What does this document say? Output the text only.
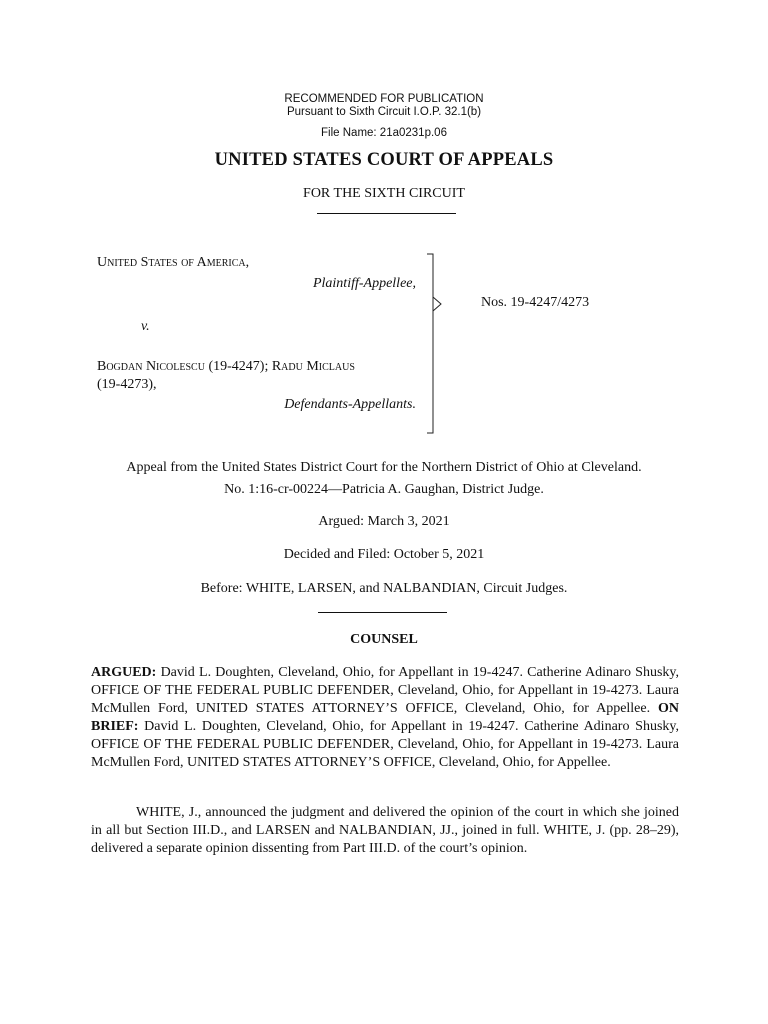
RECOMMENDED FOR PUBLICATION
Pursuant to Sixth Circuit I.O.P. 32.1(b)
File Name: 21a0231p.06
UNITED STATES COURT OF APPEALS
FOR THE SIXTH CIRCUIT
United States of America,
Plaintiff-Appellee,
v.
Bogdan Nicolescu (19-4247); Radu Miclaus
(19-4273),
Defendants-Appellants.
Nos. 19-4247/4273
Appeal from the United States District Court for the Northern District of Ohio at Cleveland.
No. 1:16-cr-00224—Patricia A. Gaughan, District Judge.
Argued: March 3, 2021
Decided and Filed: October 5, 2021
Before: WHITE, LARSEN, and NALBANDIAN, Circuit Judges.
COUNSEL

ARGUED: David L. Doughten, Cleveland, Ohio, for Appellant in 19-4247. Catherine Adinaro Shusky, OFFICE OF THE FEDERAL PUBLIC DEFENDER, Cleveland, Ohio, for Appellant in 19-4273. Laura McMullen Ford, UNITED STATES ATTORNEY’S OFFICE, Cleveland, Ohio, for Appellee. ON BRIEF: David L. Doughten, Cleveland, Ohio, for Appellant in 19-4247. Catherine Adinaro Shusky, OFFICE OF THE FEDERAL PUBLIC DEFENDER, Cleveland, Ohio, for Appellant in 19-4273. Laura McMullen Ford, UNITED STATES ATTORNEY’S OFFICE, Cleveland, Ohio, for Appellee.

WHITE, J., announced the judgment and delivered the opinion of the court in which she joined in all but Section III.D., and LARSEN and NALBANDIAN, JJ., joined in full. WHITE, J. (pp. 28–29), delivered a separate opinion dissenting from Part III.D. of the court’s opinion.
